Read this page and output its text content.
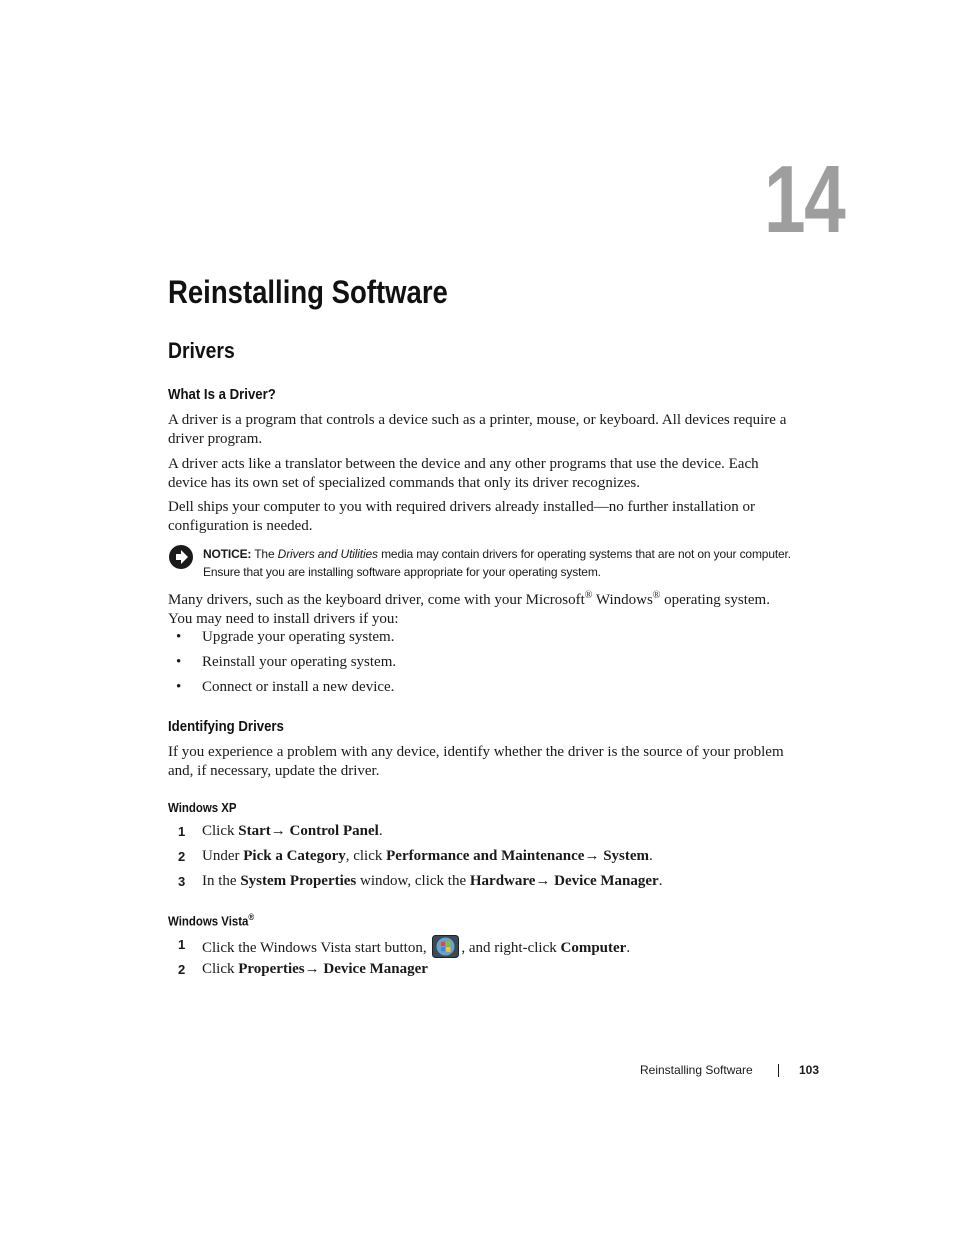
14
Reinstalling Software
Drivers
What Is a Driver?

A driver is a program that controls a device such as a printer, mouse, or keyboard. All devices require a driver program.

A driver acts like a translator between the device and any other programs that use the device. Each device has its own set of specialized commands that only its driver recognizes.

Dell ships your computer to you with required drivers already installed—no further installation or configuration is needed.

NOTICE: The Drivers and Utilities media may contain drivers for operating systems that are not on your computer. Ensure that you are installing software appropriate for your operating system.

Many drivers, such as the keyboard driver, come with your Microsoft® Windows® operating system. You may need to install drivers if you:

• Upgrade your operating system.
• Reinstall your operating system.
• Connect or install a new device.
Identifying Drivers

If you experience a problem with any device, identify whether the driver is the source of your problem and, if necessary, update the driver.

Windows XP
1 Click Start→ Control Panel.
2 Under Pick a Category, click Performance and Maintenance→ System.
3 In the System Properties window, click the Hardware→ Device Manager.
Windows Vista®
1 Click the Windows Vista start button, , and right-click Computer.
2 Click Properties→ Device Manager
Reinstalling Software	103
